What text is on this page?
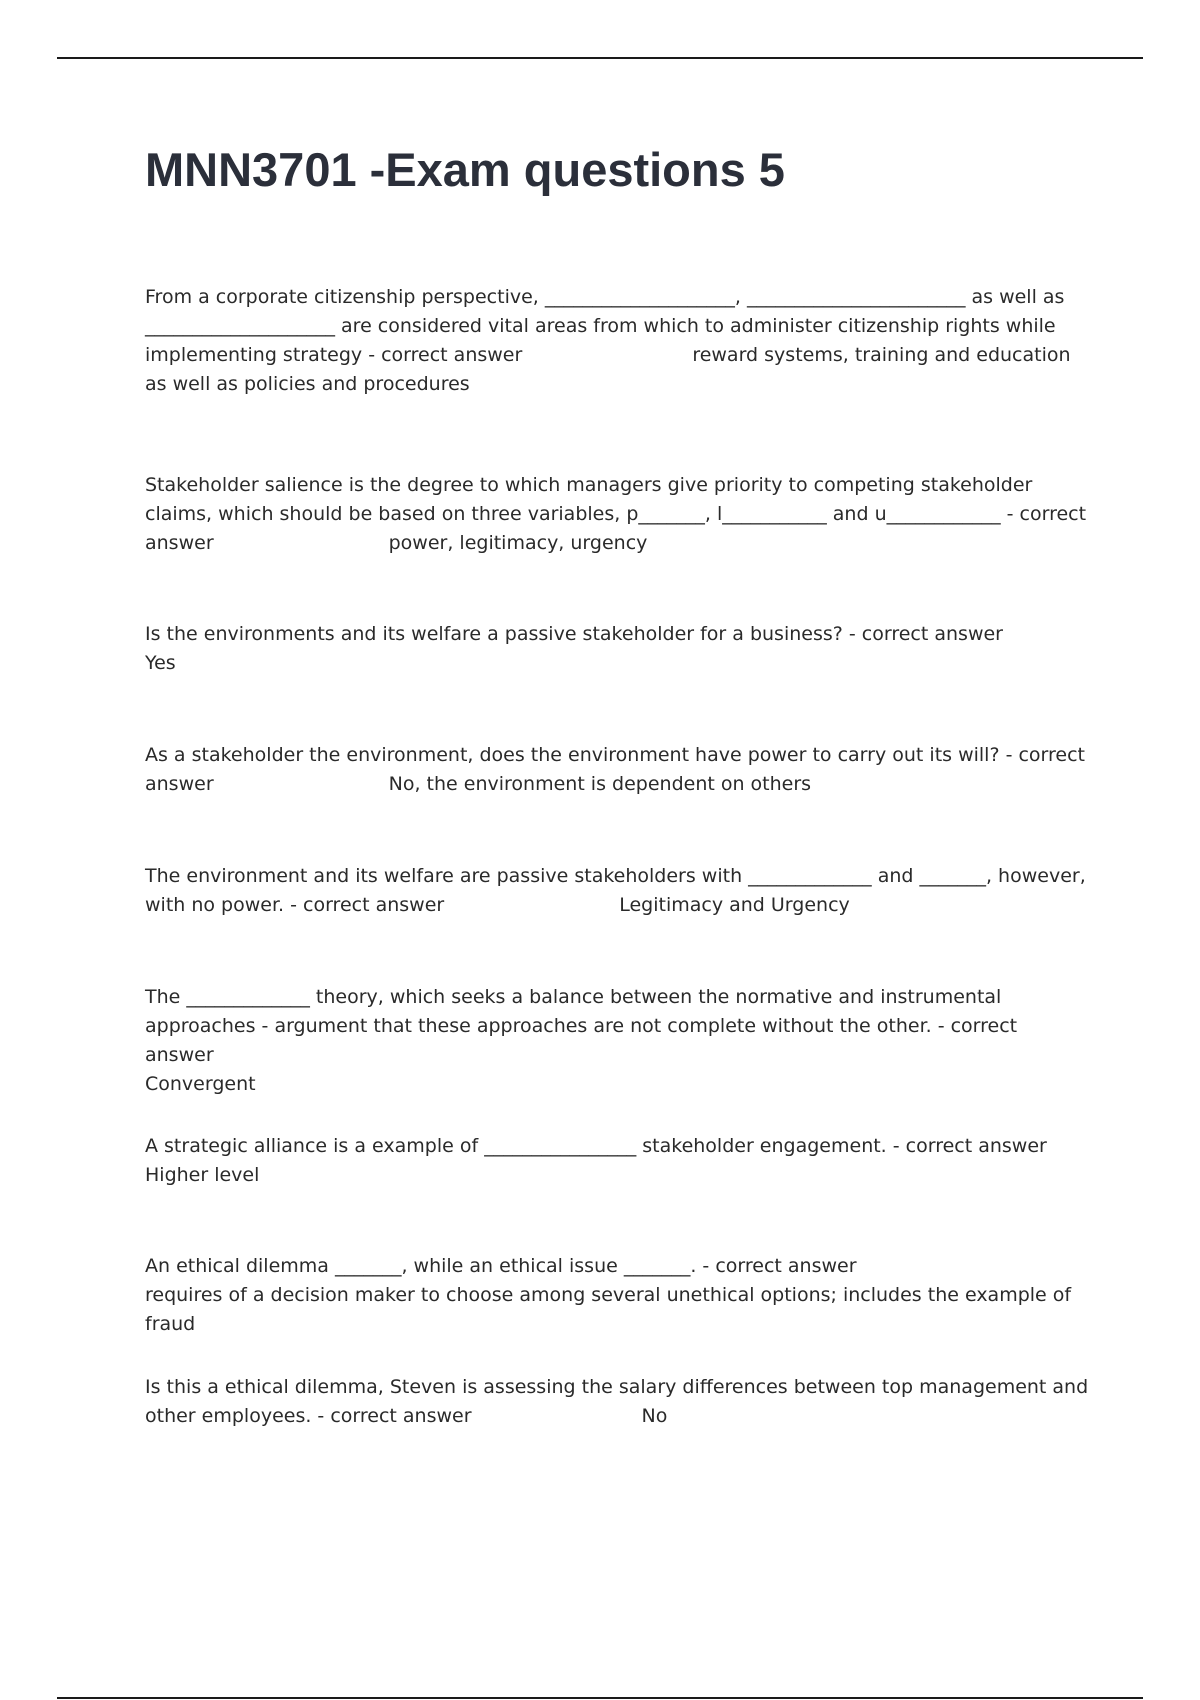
MNN3701 -Exam questions 5

From a corporate citizenship perspective, ____________________, _______________________ as well as ____________________ are considered vital areas from which to administer citizenship rights while implementing strategy - correct answer	reward systems, training and education as well as policies and procedures

Stakeholder salience is the degree to which managers give priority to competing stakeholder claims, which should be based on three variables, p_______, l___________ and u____________ - correct answer	power, legitimacy, urgency

Is the environments and its welfare a passive stakeholder for a business? - correct answer
Yes

As a stakeholder the environment, does the environment have power to carry out its will? - correct answer	No, the environment is dependent on others

The environment and its welfare are passive stakeholders with _____________ and _______, however, with no power. - correct answer	Legitimacy and Urgency

The _____________ theory, which seeks a balance between the normative and instrumental approaches - argument that these approaches are not complete without the other. - correct answer
Convergent

A strategic alliance is a example of ________________ stakeholder engagement. - correct answer
Higher level

An ethical dilemma _______, while an ethical issue _______. - correct answer
requires of a decision maker to choose among several unethical options; includes the example of fraud

Is this a ethical dilemma, Steven is assessing the salary differences between top management and other employees. - correct answer	No
